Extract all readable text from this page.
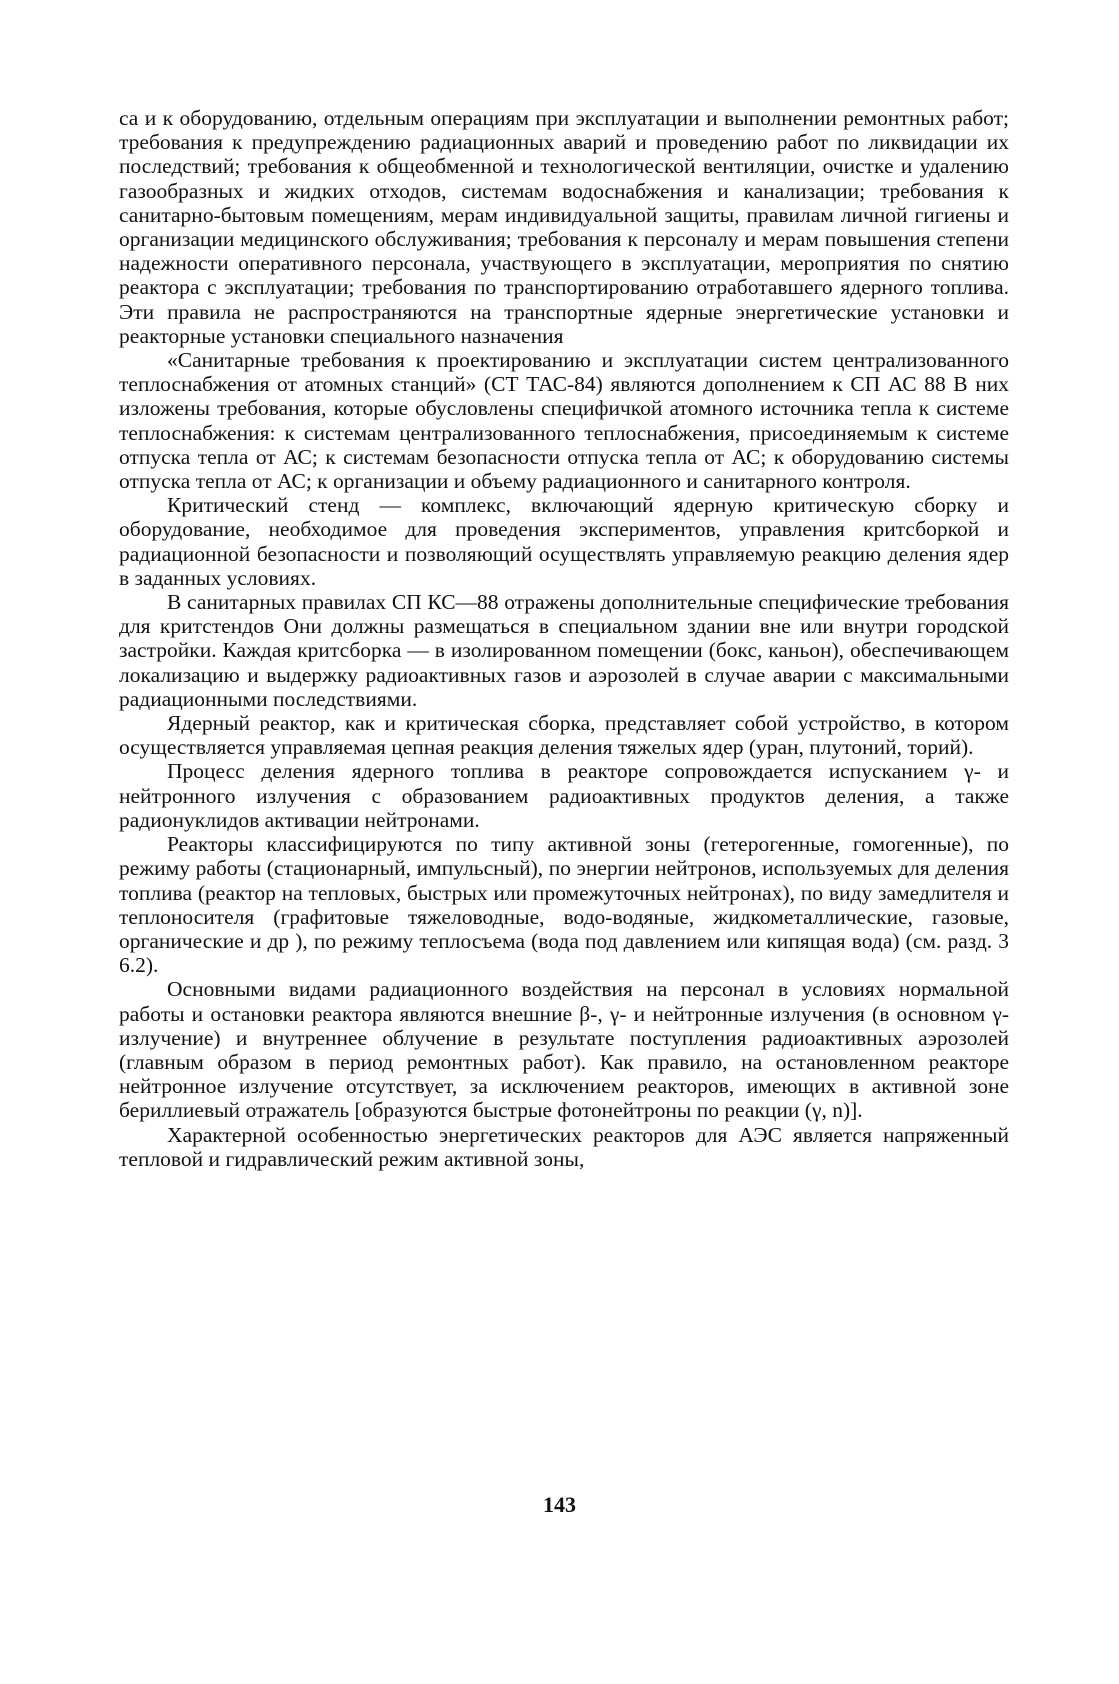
са и к оборудованию, отдельным операциям при эксплуатации и выполнении ремонтных работ; требования к предупреждению радиационных аварий и проведению работ по ликвидации их последствий; требования к общеобменной и технологической вентиляции, очистке и удалению газообразных и жидких отходов, системам водоснабжения и канализации; требования к санитарно-бытовым помещениям, мерам индивидуальной защиты, правилам личной гигиены и организации медицинского обслуживания; требования к персоналу и мерам повышения степени надежности оперативного персонала, участвующего в эксплуатации, мероприятия по снятию реактора с эксплуатации; требования по транспортированию отработавшего ядерного топлива. Эти правила не распространяются на транспортные ядерные энергетические установки и реакторные установки специального назначения

«Санитарные требования к проектированию и эксплуатации систем централизованного теплоснабжения от атомных станций» (СТ ТАС-84) являются дополнением к СП АС 88 В них изложены требования, которые обусловлены специфичкой атомного источника тепла к системе теплоснабжения: к системам централизованного теплоснабжения, присоединяемым к системе отпуска тепла от АС; к системам безопасности отпуска тепла от АС; к оборудованию системы отпуска тепла от АС; к организации и объему радиационного и санитарного контроля.

Критический стенд — комплекс, включающий ядерную критическую сборку и оборудование, необходимое для проведения экспериментов, управления критсборкой и радиационной безопасности и позволяющий осуществлять управляемую реакцию деления ядер в заданных условиях.

В санитарных правилах СП КС—88 отражены дополнительные специфические требования для критстендов Они должны размещаться в специальном здании вне или внутри городской застройки. Каждая критсборка — в изолированном помещении (бокс, каньон), обеспечивающем локализацию и выдержку радиоактивных газов и аэрозолей в случае аварии с максимальными радиационными последствиями.

Ядерный реактор, как и критическая сборка, представляет собой устройство, в котором осуществляется управляемая цепная реакция деления тяжелых ядер (уран, плутоний, торий).

Процесс деления ядерного топлива в реакторе сопровождается испусканием γ- и нейтронного излучения с образованием радиоактивных продуктов деления, а также радионуклидов активации нейтронами.

Реакторы классифицируются по типу активной зоны (гетерогенные, гомогенные), по режиму работы (стационарный, импульсный), по энергии нейтронов, используемых для деления топлива (реактор на тепловых, быстрых или промежуточных нейтронах), по виду замедлителя и теплоносителя (графитовые тяжеловодные, водо-водяные, жидкометаллические, газовые, органические и др ), по режиму теплосъема (вода под давлением или кипящая вода) (см. разд. 3 6.2).

Основными видами радиационного воздействия на персонал в условиях нормальной работы и остановки реактора являются внешние β-, γ- и нейтронные излучения (в основном γ-излучение) и внутреннее облучение в результате поступления радиоактивных аэрозолей (главным образом в период ремонтных работ). Как правило, на остановленном реакторе нейтронное излучение отсутствует, за исключением реакторов, имеющих в активной зоне бериллиевый отражатель [образуются быстрые фотонейтроны по реакции (γ, n)].

Характерной особенностью энергетических реакторов для АЭС является напряженный тепловой и гидравлический режим активной зоны,

143
